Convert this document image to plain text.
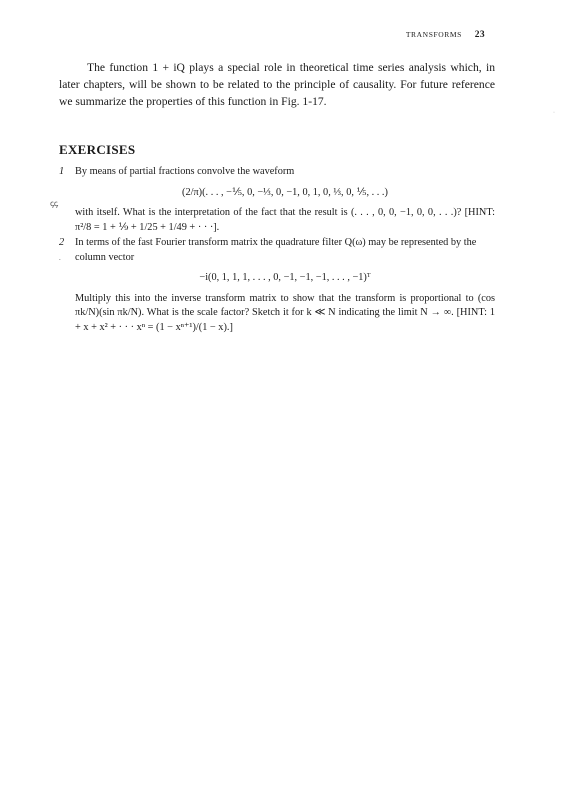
TRANSFORMS 23

The function 1 + iQ plays a special role in theoretical time series analysis which, in later chapters, will be shown to be related to the principle of causality. For future reference we summarize the properties of this function in Fig. 1-17.

EXERCISES
ꞔ.ꞔ.
.
·
1 By means of partial fractions convolve the waveform
(2/π)(. . . , −⅕, 0, −⅓, 0, −1, 0, 1, 0, ⅓, 0, ⅕, . . .)
with itself. What is the interpretation of the fact that the result is (. . . , 0, 0, −1, 0, 0, . . .)? [HINT: π²/8 = 1 + ⅑ + 1/25 + 1/49 + · · ·].
2 In terms of the fast Fourier transform matrix the quadrature filter Q(ω) may be represented by the column vector
−i(0, 1, 1, 1, . . . , 0, −1, −1, −1, . . . , −1)ᵀ
Multiply this into the inverse transform matrix to show that the transform is proportional to (cos πk/N)(sin πk/N). What is the scale factor? Sketch it for k ≪ N indicating the limit N → ∞. [HINT: 1 + x + x² + · · · xⁿ = (1 − xⁿ⁺¹)/(1 − x).]
